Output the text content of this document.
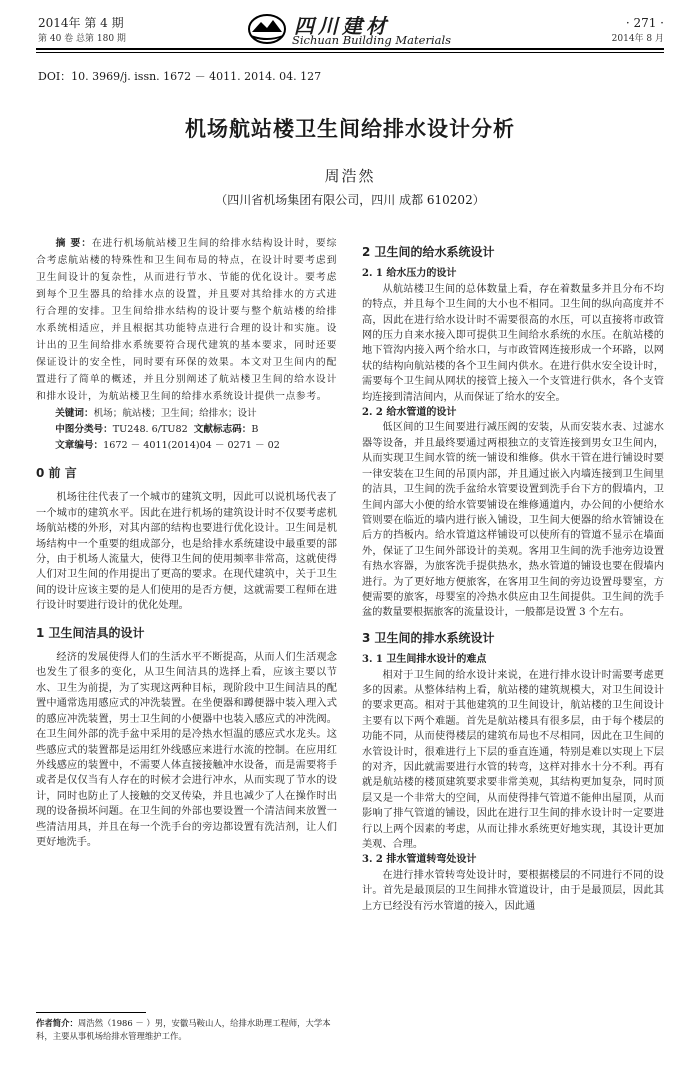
2014年 第 4 期
第 40 卷 总第 180 期
四川建材
Sichuan Building Materials
· 271 ·
2014年 8 月
DOI：10. 3969/j. issn. 1672 － 4011. 2014. 04. 127
机场航站楼卫生间给排水设计分析
周浩然
（四川省机场集团有限公司，四川 成都 610202）
摘 要：在进行机场航站楼卫生间的给排水结构设计时，要综合考虑航站楼的特殊性和卫生间布局的特点，在设计时要考虑到卫生间设计的复杂性，从而进行节水、节能的优化设计。要考虑到每个卫生器具的给排水点的设置，并且要对其给排水的方式进行合理的安排。卫生间给排水结构的设计要与整个航站楼的给排水系统相适应，并且根据其功能特点进行合理的设计和实施。设计出的卫生间给排水系统要符合现代建筑的基本要求，同时还要保证设计的安全性，同时要有环保的效果。本文对卫生间内的配置进行了简单的概述，并且分别阐述了航站楼卫生间的给水设计和排水设计，为航站楼卫生间的给排水系统设计提供一点参考。
关键词：机场；航站楼；卫生间；给排水；设计
中图分类号：TU248. 6/TU82 文献标志码：B
文章编号：1672 － 4011(2014)04 － 0271 － 02
0 前 言

机场往往代表了一个城市的建筑文明，因此可以说机场代表了一个城市的建筑水平。因此在进行机场的建筑设计时不仅要考虑机场航站楼的外形，对其内部的结构也要进行优化设计。卫生间是机场结构中一个重要的组成部分，也是给排水系统建设中最重要的部分，由于机场人流量大，使得卫生间的使用频率非常高，这就使得人们对卫生间的作用提出了更高的要求。在现代建筑中，关于卫生间的设计应该主要的是人们使用的是否方便，这就需要工程师在进行设计时要进行设计的优化处理。

1 卫生间洁具的设计

经济的发展使得人们的生活水平不断提高，从而人们生活观念也发生了很多的变化，从卫生间洁具的选择上看，应该主要以节水、卫生为前提，为了实现这两种目标，现阶段中卫生间洁具的配置中通常选用感应式的冲洗装置。在坐便器和蹲便器中装入理入式的感应冲洗装置，男士卫生间的小便器中也装入感应式的冲洗阀。在卫生间外部的洗手盆中采用的是冷热水恒温的感应式水龙头。这些感应式的装置都是运用红外线感应来进行水流的控制。在应用红外线感应的装置中，不需要人体直接接触冲水设备，而是需要将手或者是仅仅当有人存在的时候才会进行冲水，从而实现了节水的设计，同时也防止了人接触的交叉传染，并且也减少了人在操作时出现的设备损坏问题。在卫生间的外部也要设置一个清洁间来放置一些清洁用具，并且在每一个洗手台的旁边都设置有洗洁剂，让人们更好地洗手。

作者简介：周浩然（1986 － ）男，安徽马鞍山人，给排水助理工程师，大学本科，主要从事机场给排水管理维护工作。
2 卫生间的给水系统设计
2. 1 给水压力的设计

从航站楼卫生间的总体数量上看，存在着数量多并且分布不均的特点，并且每个卫生间的大小也不相同。卫生间的纵向高度并不高，因此在进行给水设计时不需要很高的水压，可以直接将市政管网的压力自来水接入即可提供卫生间给水系统的水压。在航站楼的地下管沟内接入两个给水口，与市政管网连接形成一个环路，以网状的结构向航站楼的各个卫生间内供水。在进行供水安全设计时，需要每个卫生间从网状的接管上接入一个支管进行供水，各个支管均连接到清洁间内，从而保证了给水的安全。

2. 2 给水管道的设计

低区间的卫生间要进行减压阀的安装，从而安装水表、过滤水器等设备，并且最终要通过两根独立的支管连接到男女卫生间内，从而实现卫生间水管的统一铺设和维修。供水干管在进行铺设时要一律安装在卫生间的吊顶内部，并且通过嵌入内墙连接到卫生间里的洁具，卫生间的洗手盆给水管要设置到洗手台下方的假墙内，卫生间内部大小便的给水管要铺设在维修通道内，办公间的小便给水管则要在临近的墙内进行嵌入铺设，卫生间大便器的给水管铺设在后方的挡板内。给水管道这样铺设可以使所有的管道不显示在墙面外，保证了卫生间外部设计的美观。客用卫生间的洗手池旁边设置有热水容器，为旅客洗手提供热水，热水管道的铺设也要在假墙内进行。为了更好地方便旅客，在客用卫生间的旁边设置母婴室，方便需要的旅客，母婴室的冷热水供应由卫生间提供。卫生间的洗手盆的数量要根据旅客的流量设计，一般都是设置 3 个左右。

3 卫生间的排水系统设计
3. 1 卫生间排水设计的难点

相对于卫生间的给水设计来说，在进行排水设计时需要考虑更多的因素。从整体结构上看，航站楼的建筑规模大，对卫生间设计的要求更高。相对于其他建筑的卫生间设计，航站楼的卫生间设计主要有以下两个难题。首先是航站楼具有很多层，由于每个楼层的功能不同，从而使得楼层的建筑布局也不尽相同，因此在卫生间的水管设计时，很难进行上下层的垂直连通，特别是难以实现上下层的对齐，因此就需要进行水管的转弯，这样对排水十分不利。再有就是航站楼的楼顶建筑要求要非常美观，其结构更加复杂，同时顶层又是一个非常大的空间，从而使得排气管道不能伸出屋顶，从而影响了排气管道的铺设，因此在进行卫生间的排水设计时一定要进行以上两个因素的考虑，从而让排水系统更好地实现，其设计更加美观、合理。

3. 2 排水管道转弯处设计

在进行排水管转弯处设计时，要根据楼层的不同进行不同的设计。首先是最顶层的卫生间排水管道设计，由于是最顶层，因此其上方已经没有污水管道的接入，因此通
